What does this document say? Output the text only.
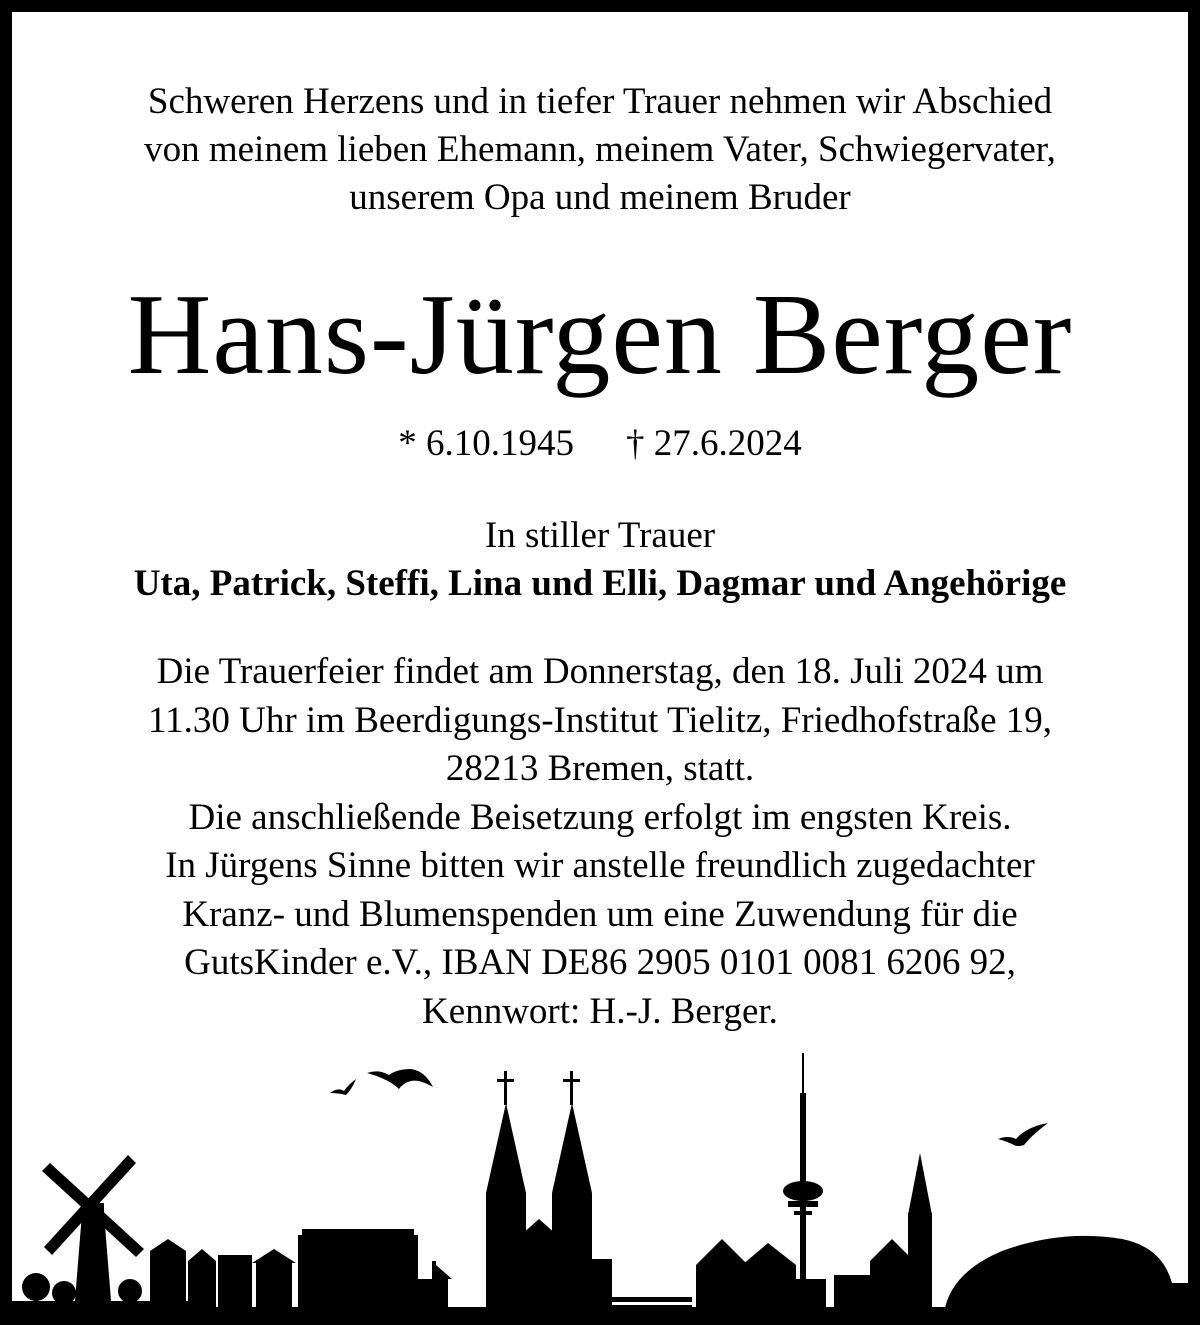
Schweren Herzens und in tiefer Trauer nehmen wir Abschied
von meinem lieben Ehemann, meinem Vater, Schwiegervater,
unserem Opa und meinem Bruder
Hans-Jürgen Berger
* 6.10.1945 † 27.6.2024
In stiller Trauer
Uta, Patrick, Steffi, Lina und Elli, Dagmar und Angehörige
Die Trauerfeier findet am Donnerstag, den 18. Juli 2024 um
11.30 Uhr im Beerdigungs-Institut Tielitz, Friedhofstraße 19,
28213 Bremen, statt.
Die anschließende Beisetzung erfolgt im engsten Kreis.
In Jürgens Sinne bitten wir anstelle freundlich zugedachter
Kranz- und Blumenspenden um eine Zuwendung für die
GutsKinder e.V., IBAN DE86 2905 0101 0081 6206 92,
Kennwort: H.-J. Berger.
